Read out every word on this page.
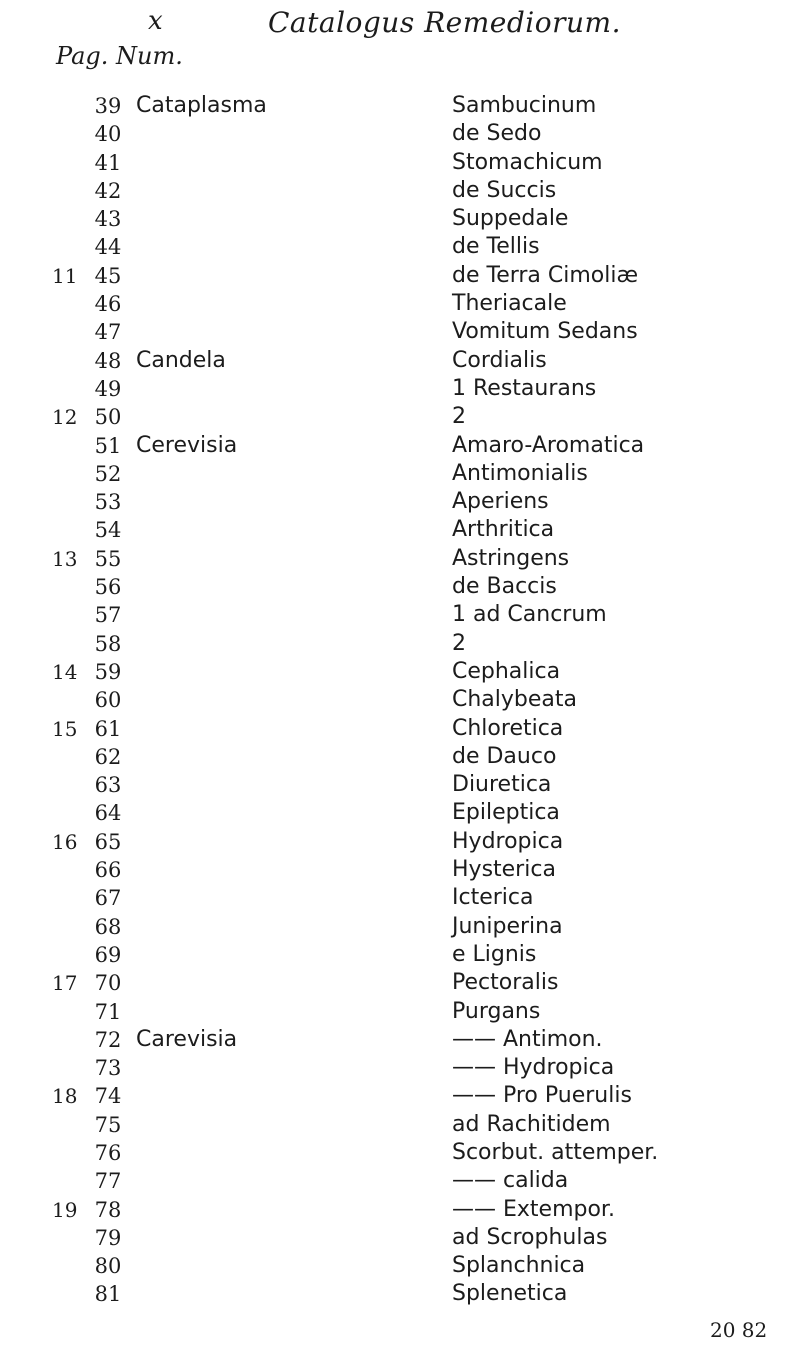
x	Catalogus Remediorum.
Pag. Num.
39 Cataplasma	Sambucinum
40	de Sedo
41	Stomachicum
42	de Succis
43	Suppedale
44	de Tellis
11 45	de Terra Cimoliæ
46	Theriacale
47	Vomitum Sedans
48 Candela	Cordialis
49	1 Restaurans
12 50	2
51 Cerevisia	Amaro-Aromatica
52	Antimonialis
53	Aperiens
54	Arthritica
13 55	Astringens
56	de Baccis
57	1 ad Cancrum
58	2
14 59	Cephalica
60	Chalybeata
15 61	Chloretica
62	de Dauco
63	Diuretica
64	Epileptica
16 65	Hydropica
66	Hysterica
67	Icterica
68	Juniperina
69	e Lignis
17 70	Pectoralis
71	Purgans
72 Carevisia	—— Antimon.
73	—— Hydropica
18 74	—— Pro Puerulis
75	ad Rachitidem
76	Scorbut. attemper.
77	—— calida
19 78	—— Extempor.
79	ad Scrophulas
80	Splanchnica
81	Splenetica
20 82
